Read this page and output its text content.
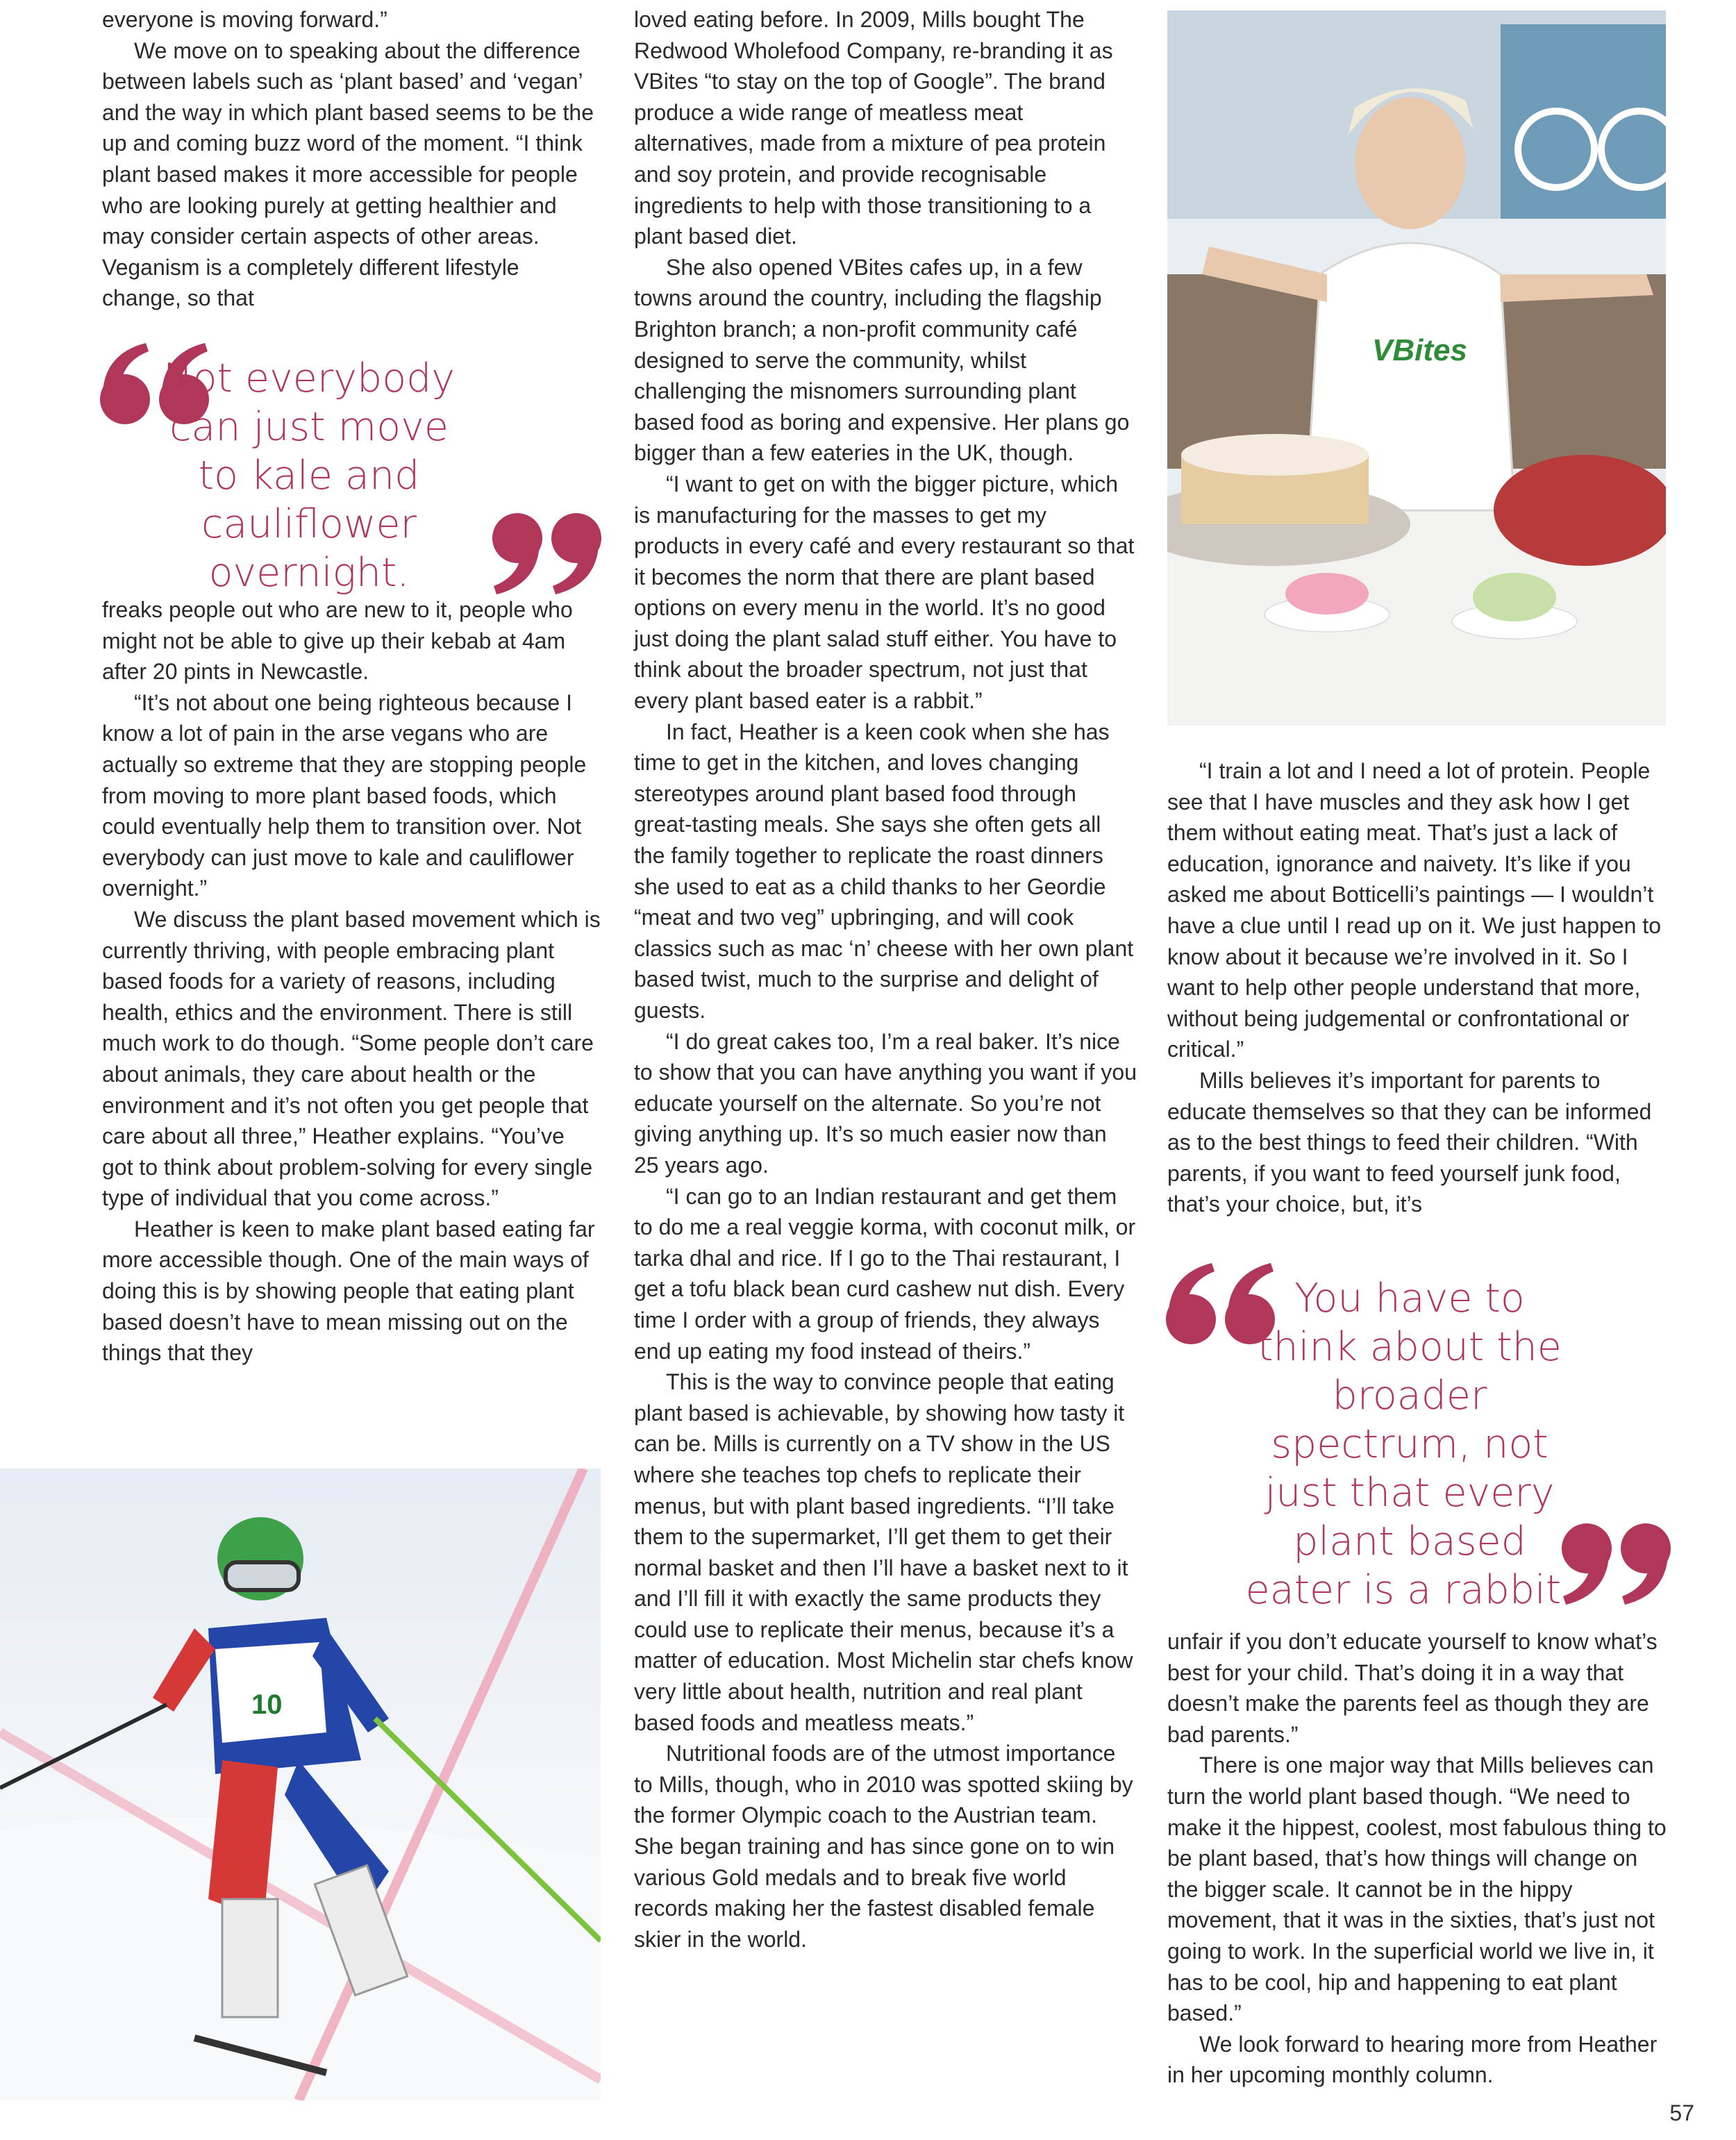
everyone is moving forward.”

We move on to speaking about the difference between labels such as ‘plant based’ and ‘vegan’ and the way in which plant based seems to be the up and coming buzz word of the moment. “I think plant based makes it more accessible for people who are looking purely at getting healthier and may consider certain aspects of other areas. Veganism is a completely different lifestyle change, so that

Not everybody can just move to kale and cauliflower overnight.

freaks people out who are new to it, people who might not be able to give up their kebab at 4am after 20 pints in Newcastle.

“It’s not about one being righteous because I know a lot of pain in the arse vegans who are actually so extreme that they are stopping people from moving to more plant based foods, which could eventually help them to transition over. Not everybody can just move to kale and cauliflower overnight.”

We discuss the plant based movement which is currently thriving, with people embracing plant based foods for a variety of reasons, including health, ethics and the environment. There is still much work to do though. “Some people don’t care about animals, they care about health or the environment and it’s not often you get people that care about all three,” Heather explains. “You’ve got to think about problem-solving for every single type of individual that you come across.”

Heather is keen to make plant based eating far more accessible though. One of the main ways of doing this is by showing people that eating plant based doesn’t have to mean missing out on the things that they

10

loved eating before. In 2009, Mills bought The Redwood Wholefood Company, re-branding it as VBites “to stay on the top of Google”. The brand produce a wide range of meatless meat alternatives, made from a mixture of pea protein and soy protein, and provide recognisable ingredients to help with those transitioning to a plant based diet.

She also opened VBites cafes up, in a few towns around the country, including the flagship Brighton branch; a non-profit community café designed to serve the community, whilst challenging the misnomers surrounding plant based food as boring and expensive. Her plans go bigger than a few eateries in the UK, though.

“I want to get on with the bigger picture, which is manufacturing for the masses to get my products in every café and every restaurant so that it becomes the norm that there are plant based options on every menu in the world. It’s no good just doing the plant salad stuff either. You have to think about the broader spectrum, not just that every plant based eater is a rabbit.”

In fact, Heather is a keen cook when she has time to get in the kitchen, and loves changing stereotypes around plant based food through great-tasting meals. She says she often gets all the family together to replicate the roast dinners she used to eat as a child thanks to her Geordie “meat and two veg” upbringing, and will cook classics such as mac ‘n’ cheese with her own plant based twist, much to the surprise and delight of guests.

“I do great cakes too, I’m a real baker. It’s nice to show that you can have anything you want if you educate yourself on the alternate. So you’re not giving anything up. It’s so much easier now than 25 years ago.

“I can go to an Indian restaurant and get them to do me a real veggie korma, with coconut milk, or tarka dhal and rice. If I go to the Thai restaurant, I get a tofu black bean curd cashew nut dish. Every time I order with a group of friends, they always end up eating my food instead of theirs.”

This is the way to convince people that eating plant based is achievable, by showing how tasty it can be. Mills is currently on a TV show in the US where she teaches top chefs to replicate their menus, but with plant based ingredients. “I’ll take them to the supermarket, I’ll get them to get their normal basket and then I’ll have a basket next to it and I’ll fill it with exactly the same products they could use to replicate their menus, because it’s a matter of education. Most Michelin star chefs know very little about health, nutrition and real plant based foods and meatless meats.”

Nutritional foods are of the utmost importance to Mills, though, who in 2010 was spotted skiing by the former Olympic coach to the Austrian team. She began training and has since gone on to win various Gold medals and to break five world records making her the fastest disabled female skier in the world.

VBites

“I train a lot and I need a lot of protein. People see that I have muscles and they ask how I get them without eating meat. That’s just a lack of education, ignorance and naivety. It’s like if you asked me about Botticelli’s paintings — I wouldn’t have a clue until I read up on it. We just happen to know about it because we’re involved in it. So I want to help other people understand that more, without being judgemental or confrontational or critical.”

Mills believes it’s important for parents to educate themselves so that they can be informed as to the best things to feed their children. “With parents, if you want to feed yourself junk food, that’s your choice, but, it’s

You have to think about the broader spectrum, not just that every plant based eater is a rabbit.

unfair if you don’t educate yourself to know what’s best for your child. That’s doing it in a way that doesn’t make the parents feel as though they are bad parents.”

There is one major way that Mills believes can turn the world plant based though. “We need to make it the hippest, coolest, most fabulous thing to be plant based, that’s how things will change on the bigger scale. It cannot be in the hippy movement, that it was in the sixties, that’s just not going to work. In the superficial world we live in, it has to be cool, hip and happening to eat plant based.”

We look forward to hearing more from Heather in her upcoming monthly column.

57
